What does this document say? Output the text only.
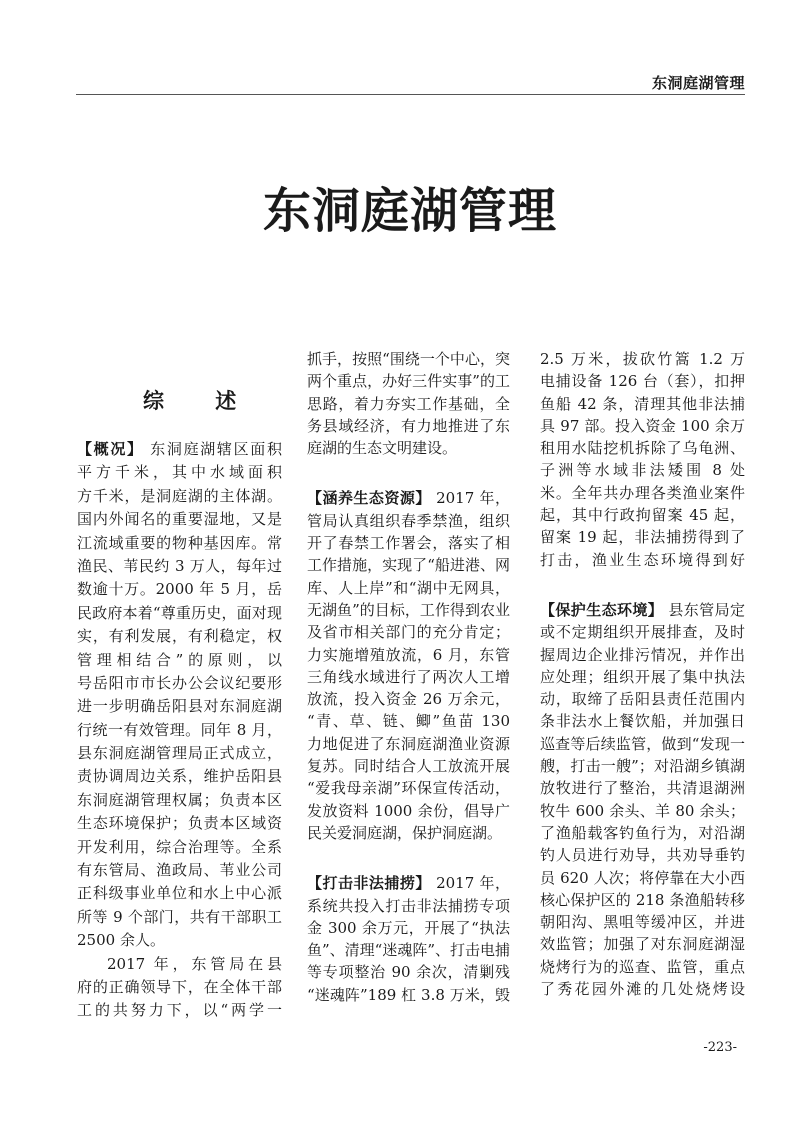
东洞庭湖管理
东洞庭湖管理
综 述
【概况】 东洞庭湖辖区面积
平方千米，其中水域面积
方千米，是洞庭湖的主体湖。
国内外闻名的重要湿地，又是
江流域重要的物种基因库。常
渔民、苇民约 3 万人，每年过
数逾十万。2000 年 5 月，岳
民政府本着“尊重历史，面对现
实，有利发展，有利稳定，权
管理相结合”的原则，以
号岳阳市市长办公会议纪要形
进一步明确岳阳县对东洞庭湖
行统一有效管理。同年 8 月，
县东洞庭湖管理局正式成立，
责协调周边关系，维护岳阳县
东洞庭湖管理权属；负责本区
生态环境保护；负责本区域资
开发利用，综合治理等。全系
有东管局、渔政局、苇业公司
正科级事业单位和水上中心派
所等 9 个部门，共有干部职工
2500 余人。
2017 年，东管局在县
府的正确领导下，在全体干部
工的共努力下，以“两学一
抓手，按照“围绕一个中心，突
两个重点，办好三件实事”的工
思路，着力夯实工作基础，全
务县域经济，有力地推进了东
庭湖的生态文明建设。
【涵养生态资源】 2017 年，
管局认真组织春季禁渔，组织
开了春禁工作署会，落实了相
工作措施，实现了“船进港、网
库、人上岸”和“湖中无网具，
无湖鱼”的目标，工作得到农业
及省市相关部门的充分肯定；
力实施增殖放流，6 月，东管
三角线水域进行了两次人工增
放流，投入资金 26 万余元，
“青、草、链、鲫”鱼苗 130
力地促进了东洞庭湖渔业资源
复苏。同时结合人工放流开展
“爱我母亲湖”环保宣传活动，
发放资料 1000 余份，倡导广
民关爱洞庭湖，保护洞庭湖。
【打击非法捕捞】 2017 年，
系统共投入打击非法捕捞专项
金 300 余万元，开展了“执法
鱼”、清理“迷魂阵”、打击电捕
等专项整治 90 余次，清剿残
“迷魂阵”189 杠 3.8 万米，毁
2.5 万米，拔砍竹篙 1.2 万
电捕设备 126 台（套），扣押
鱼船 42 条，清理其他非法捕
具 97 部。投入资金 100 余万
租用水陆挖机拆除了乌龟洲、
子洲等水域非法矮围 8 处
米。全年共办理各类渔业案件
起，其中行政拘留案 45 起，
留案 19 起，非法捕捞得到了
打击，渔业生态环境得到好
【保护生态环境】 县东管局定
或不定期组织开展排查，及时
握周边企业排污情况，并作出
应处理；组织开展了集中执法
动，取缔了岳阳县责任范围内
条非法水上餐饮船，并加强日
巡查等后续监管，做到“发现一
艘，打击一艘”；对沿湖乡镇湖
放牧进行了整治，共清退湖洲
牧牛 600 余头、羊 80 余头；
了渔船载客钓鱼行为，对沿湖
钓人员进行劝导，共劝导垂钓
员 620 人次；将停靠在大小西
核心保护区的 218 条渔船转移
朝阳沟、黑咀等缓冲区，并进
效监管；加强了对东洞庭湖湿
烧烤行为的巡查、监管，重点
了秀花园外滩的几处烧烤设
-223-
